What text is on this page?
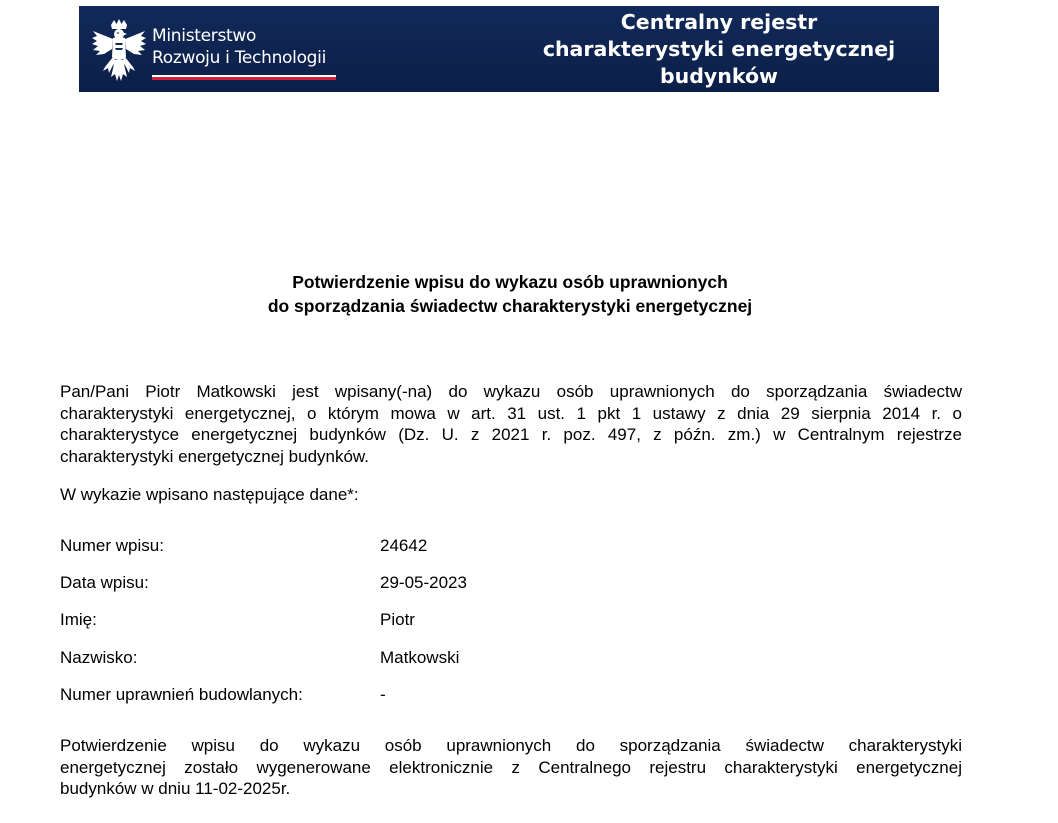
Ministerstwo
Rozwoju i Technologii
Centralny rejestr
charakterystyki energetycznej
budynków
Potwierdzenie wpisu do wykazu osób uprawnionych
do sporządzania świadectw charakterystyki energetycznej
Pan/Pani Piotr Matkowski jest wpisany(-na) do wykazu osób uprawnionych do sporządzania świadectw
charakterystyki energetycznej, o którym mowa w art. 31 ust. 1 pkt 1 ustawy z dnia 29 sierpnia 2014 r. o
charakterystyce energetycznej budynków (Dz. U. z 2021 r. poz. 497, z późn. zm.) w Centralnym rejestrze
charakterystyki energetycznej budynków.
W wykazie wpisano następujące dane*:
Numer wpisu:	24642
Data wpisu:	29-05-2023
Imię:	Piotr
Nazwisko:	Matkowski
Numer uprawnień budowlanych:	-
Potwierdzenie wpisu do wykazu osób uprawnionych do sporządzania świadectw charakterystyki
energetycznej zostało wygenerowane elektronicznie z Centralnego rejestru charakterystyki energetycznej
budynków w dniu 11-02-2025r.
